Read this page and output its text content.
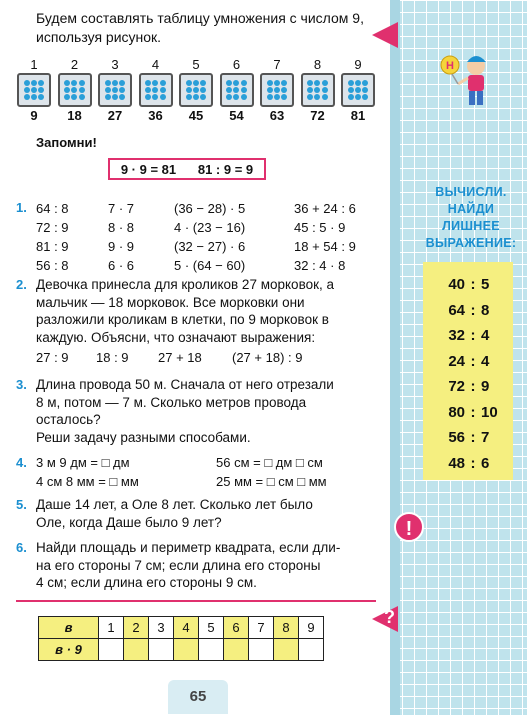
?
Н
Будем составлять таблицу умножения с числом 9, используя рисунок.
1
9
2
18
3
27
4
36
5
45
6
54
7
63
8
72
9
81
Запомни!
9 · 9 = 81 81 : 9 = 9
1. 64 : 8	7 · 7	(36 − 28) · 5	36 + 24 : 6
72 : 9	8 · 8	4 · (23 − 16)	45 : 5 · 9
81 : 9	9 · 9	(32 − 27) · 6	18 + 54 : 9
56 : 8	6 · 6	5 · (64 − 60)	32 : 4 · 8
2. Девочка принесла для кроликов 27 морковок, а
мальчик — 18 морковок. Все морковки они
разложили кроликам в клетки, по 9 морковок в
каждую. Объясни, что означают выражения:
27 : 9	18 : 9	27 + 18	(27 + 18) : 9
3. Длина провода 50 м. Сначала от него отрезали
8 м, потом — 7 м. Сколько метров провода
осталось?
Реши задачу разными способами.
4. 3 м 9 дм = □ дм	56 см = □ дм □ см
4 см 8 мм = □ мм	25 мм = □ см □ мм
5. Даше 14 лет, а Оле 8 лет. Сколько лет было
Оле, когда Даше было 9 лет?
6. Найди площадь и периметр квадрата, если дли-
на его стороны 7 см; если длина его стороны
4 см; если длина его стороны 9 см.
в	1	2	3	4	5	6	7	8	9
в · 9									
65
ВЫЧИСЛИ.
НАЙДИ
ЛИШНЕЕ
ВЫРАЖЕНИЕ:
40 : 5
64 : 8
32 : 4
24 : 4
72 : 9
80 : 10
56 : 7
48 : 6
!
